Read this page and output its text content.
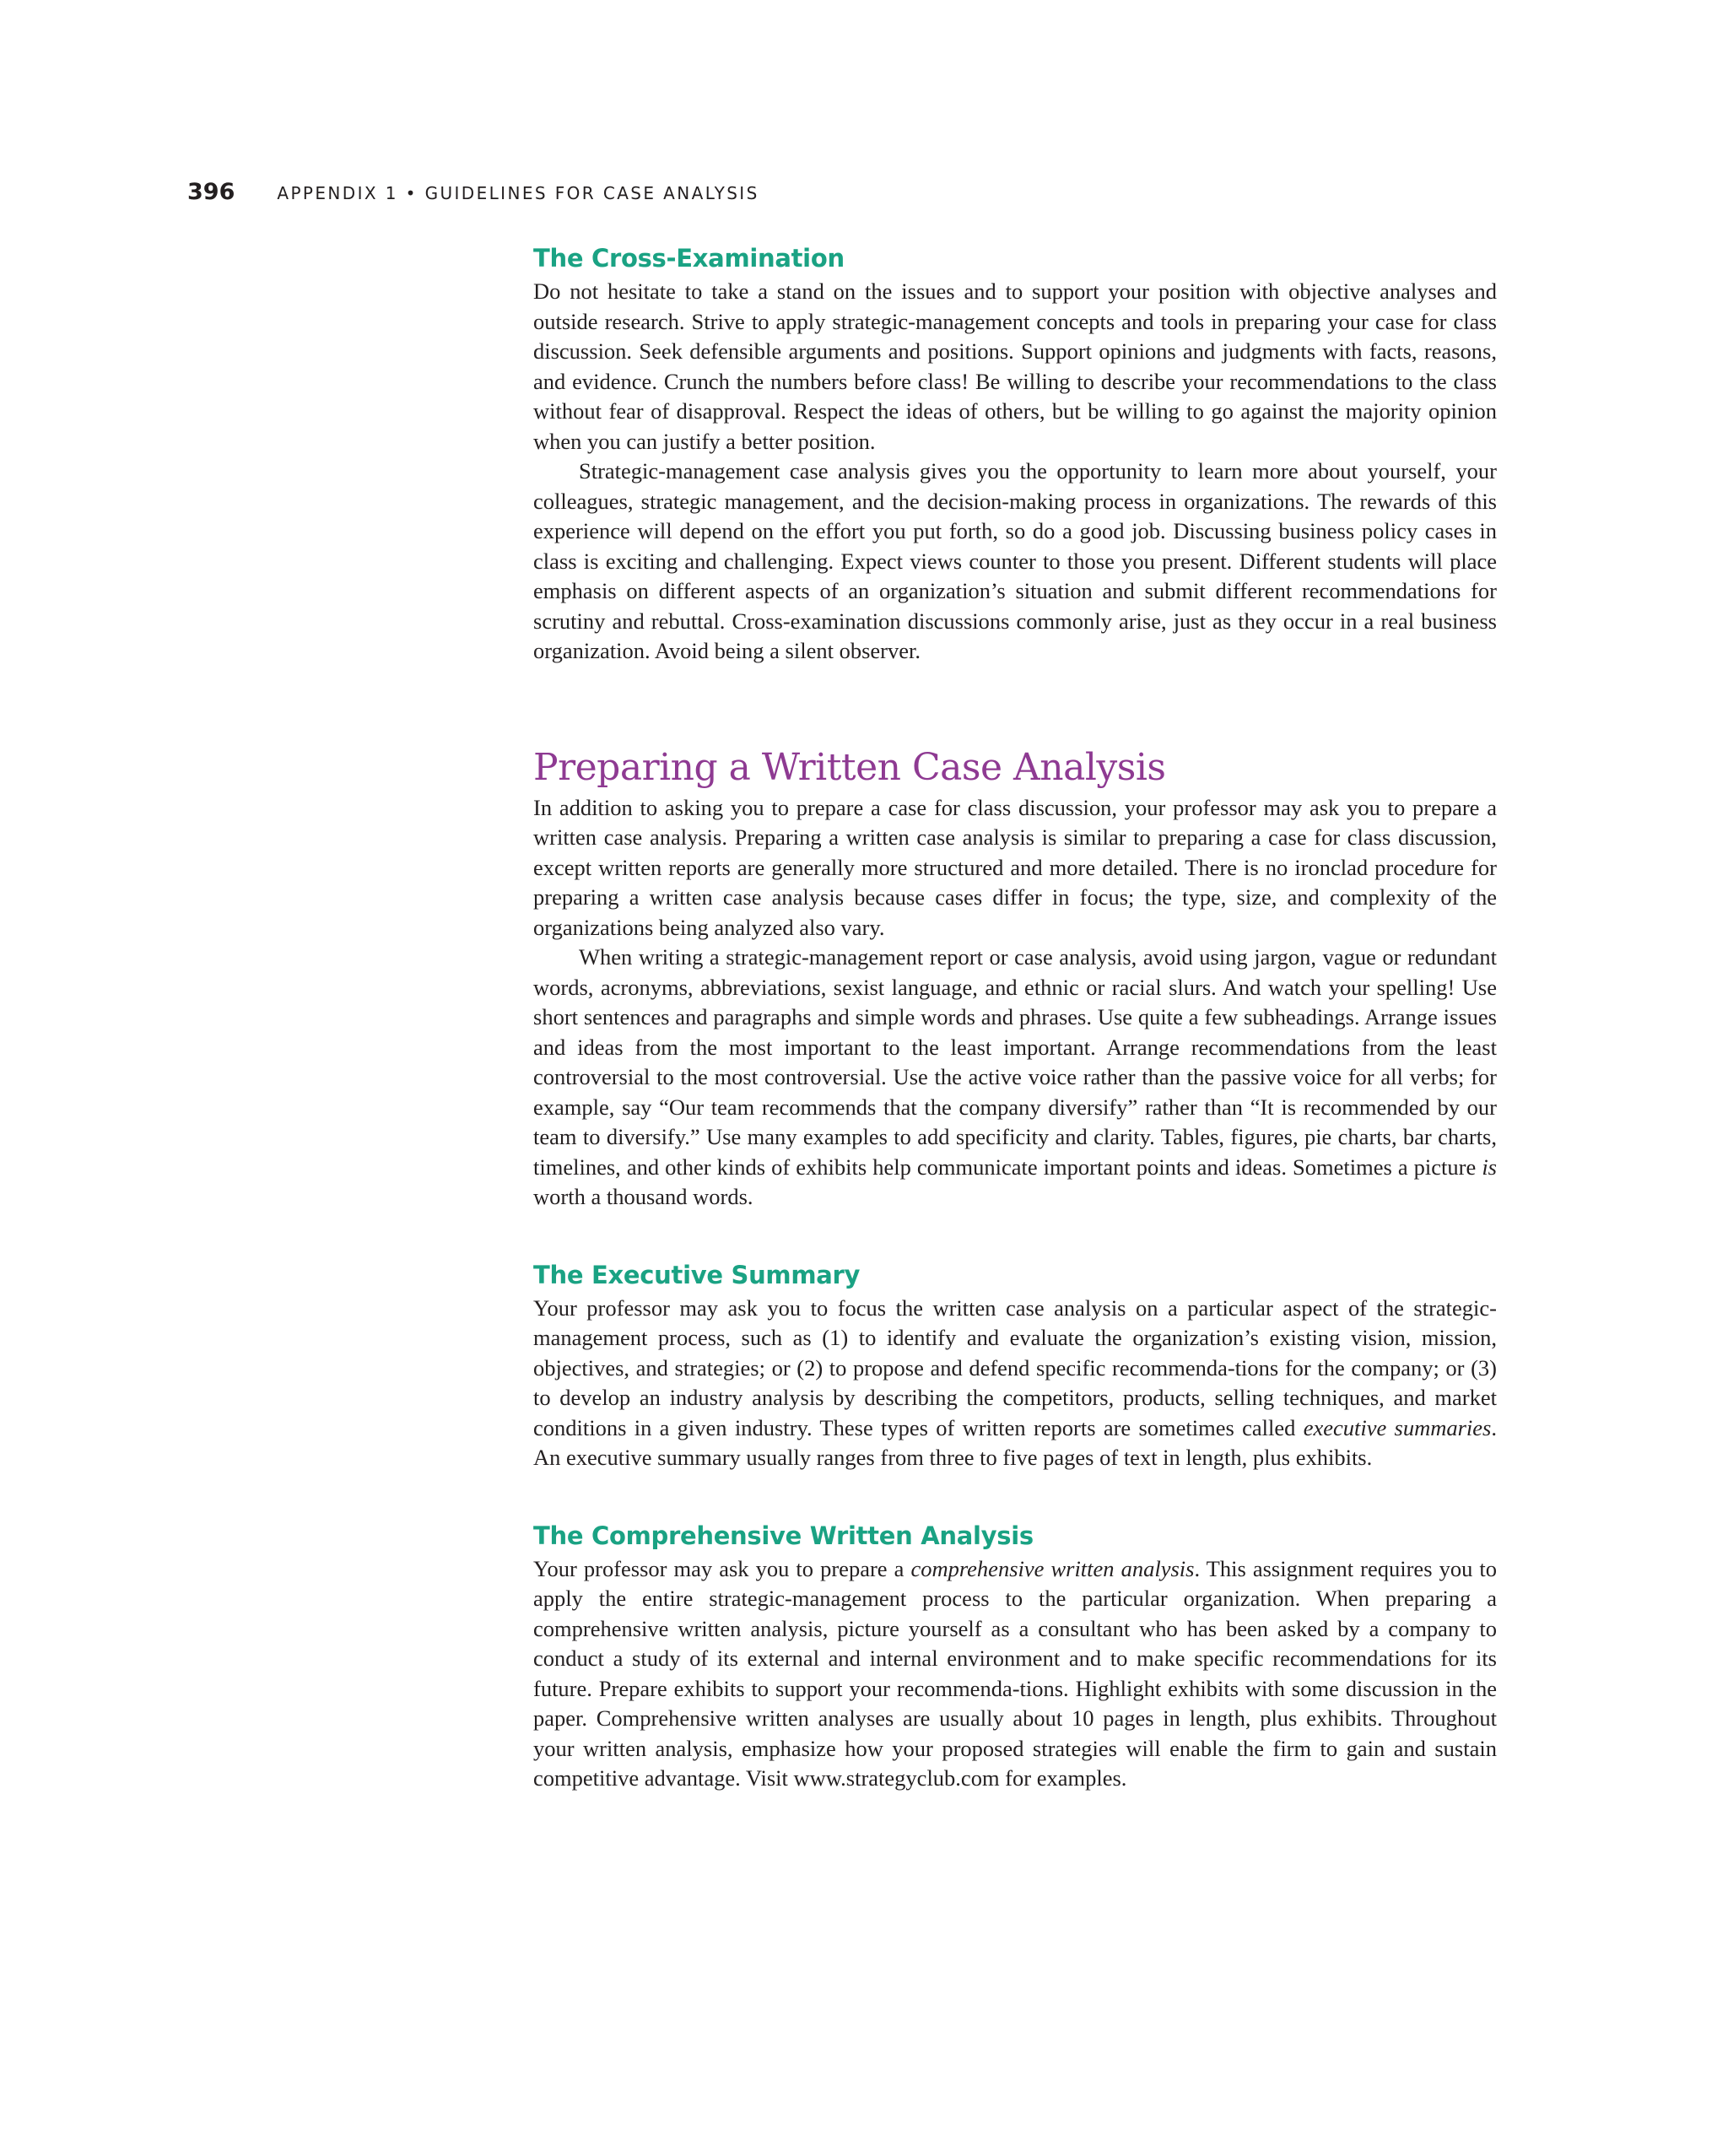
396	APPENDIX 1 • GUIDELINES FOR CASE ANALYSIS
The Cross-Examination

Do not hesitate to take a stand on the issues and to support your position with objective analyses and outside research. Strive to apply strategic-management concepts and tools in preparing your case for class discussion. Seek defensible arguments and positions. Support opinions and judgments with facts, reasons, and evidence. Crunch the numbers before class! Be willing to describe your recommendations to the class without fear of disapproval. Respect the ideas of others, but be willing to go against the majority opinion when you can justify a better position.

Strategic-management case analysis gives you the opportunity to learn more about yourself, your colleagues, strategic management, and the decision-making process in organizations. The rewards of this experience will depend on the effort you put forth, so do a good job. Discussing business policy cases in class is exciting and challenging. Expect views counter to those you present. Different students will place emphasis on different aspects of an organization’s situation and submit different recommendations for scrutiny and rebuttal. Cross-examination discussions commonly arise, just as they occur in a real business organization. Avoid being a silent observer.

Preparing a Written Case Analysis

In addition to asking you to prepare a case for class discussion, your professor may ask you to prepare a written case analysis. Preparing a written case analysis is similar to preparing a case for class discussion, except written reports are generally more structured and more detailed. There is no ironclad procedure for preparing a written case analysis because cases differ in focus; the type, size, and complexity of the organizations being analyzed also vary.

When writing a strategic-management report or case analysis, avoid using jargon, vague or redundant words, acronyms, abbreviations, sexist language, and ethnic or racial slurs. And watch your spelling! Use short sentences and paragraphs and simple words and phrases. Use quite a few subheadings. Arrange issues and ideas from the most important to the least important. Arrange recommendations from the least controversial to the most controversial. Use the active voice rather than the passive voice for all verbs; for example, say “Our team recommends that the company diversify” rather than “It is recommended by our team to diversify.” Use many examples to add specificity and clarity. Tables, figures, pie charts, bar charts, timelines, and other kinds of exhibits help communicate important points and ideas. Sometimes a picture is worth a thousand words.

The Executive Summary

Your professor may ask you to focus the written case analysis on a particular aspect of the strategic-management process, such as (1) to identify and evaluate the organization’s existing vision, mission, objectives, and strategies; or (2) to propose and defend specific recommenda-tions for the company; or (3) to develop an industry analysis by describing the competitors, products, selling techniques, and market conditions in a given industry. These types of written reports are sometimes called executive summaries. An executive summary usually ranges from three to five pages of text in length, plus exhibits.

The Comprehensive Written Analysis

Your professor may ask you to prepare a comprehensive written analysis. This assignment requires you to apply the entire strategic-management process to the particular organization. When preparing a comprehensive written analysis, picture yourself as a consultant who has been asked by a company to conduct a study of its external and internal environment and to make specific recommendations for its future. Prepare exhibits to support your recommenda-tions. Highlight exhibits with some discussion in the paper. Comprehensive written analyses are usually about 10 pages in length, plus exhibits. Throughout your written analysis, emphasize how your proposed strategies will enable the firm to gain and sustain competitive advantage. Visit www.strategyclub.com for examples.
